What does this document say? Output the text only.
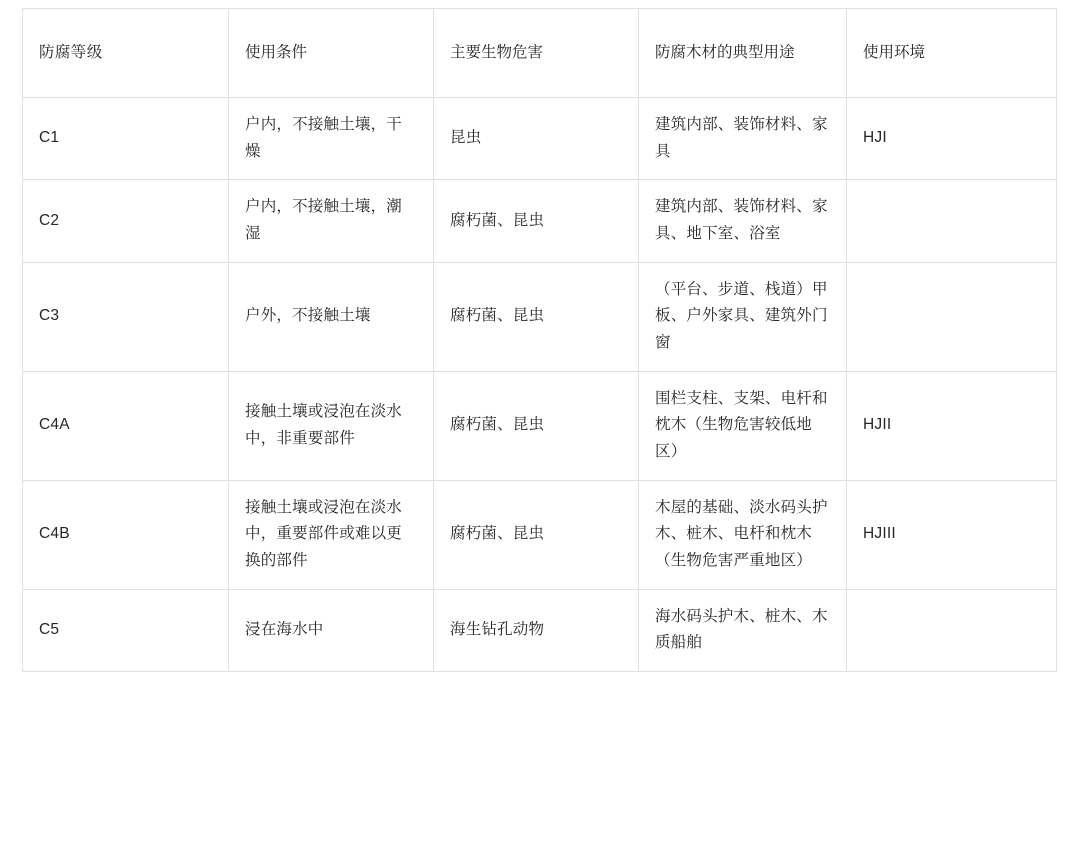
防腐等级	使用条件	主要生物危害	防腐木材的典型用途	使用环境
C1	户内，不接触土壤，干燥	昆虫	建筑内部、装饰材料、家具	HJI
C2	户内，不接触土壤，潮湿	腐朽菌、昆虫	建筑内部、装饰材料、家具、地下室、浴室	
C3	户外，不接触土壤	腐朽菌、昆虫	（平台、步道、栈道）甲板、户外家具、建筑外门窗	
C4A	接触土壤或浸泡在淡水中，非重要部件	腐朽菌、昆虫	围栏支柱、支架、电杆和枕木（生物危害较低地区）	HJII
C4B	接触土壤或浸泡在淡水中，重要部件或难以更换的部件	腐朽菌、昆虫	木屋的基础、淡水码头护木、桩木、电杆和枕木（生物危害严重地区）	HJIII
C5	浸在海水中	海生钻孔动物	海水码头护木、桩木、木质船舶	
